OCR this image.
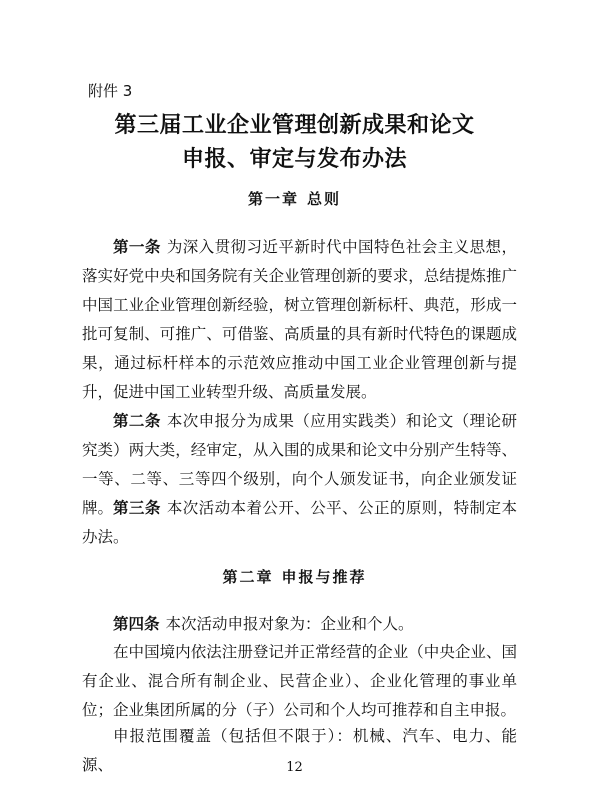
附件 3
第三届工业企业管理创新成果和论文
申报、审定与发布办法
第一章 总则

第一条 为深入贯彻习近平新时代中国特色社会主义思想，落实好党中央和国务院有关企业管理创新的要求，总结提炼推广中国工业企业管理创新经验，树立管理创新标杆、典范，形成一批可复制、可推广、可借鉴、高质量的具有新时代特色的课题成果，通过标杆样本的示范效应推动中国工业企业管理创新与提升，促进中国工业转型升级、高质量发展。

第二条 本次申报分为成果（应用实践类）和论文（理论研究类）两大类，经审定，从入围的成果和论文中分别产生特等、一等、二等、三等四个级别，向个人颁发证书，向企业颁发证牌。 第三条 本次活动本着公开、公平、公正的原则，特制定本办法。

第二章 申报与推荐

第四条 本次活动申报对象为：企业和个人。

在中国境内依法注册登记并正常经营的企业（中央企业、国有企业、混合所有制企业、民营企业）、企业化管理的事业单位；企业集团所属的分（子）公司和个人均可推荐和自主申报。

申报范围覆盖（包括但不限于）：机械、汽车、电力、能源、	12
